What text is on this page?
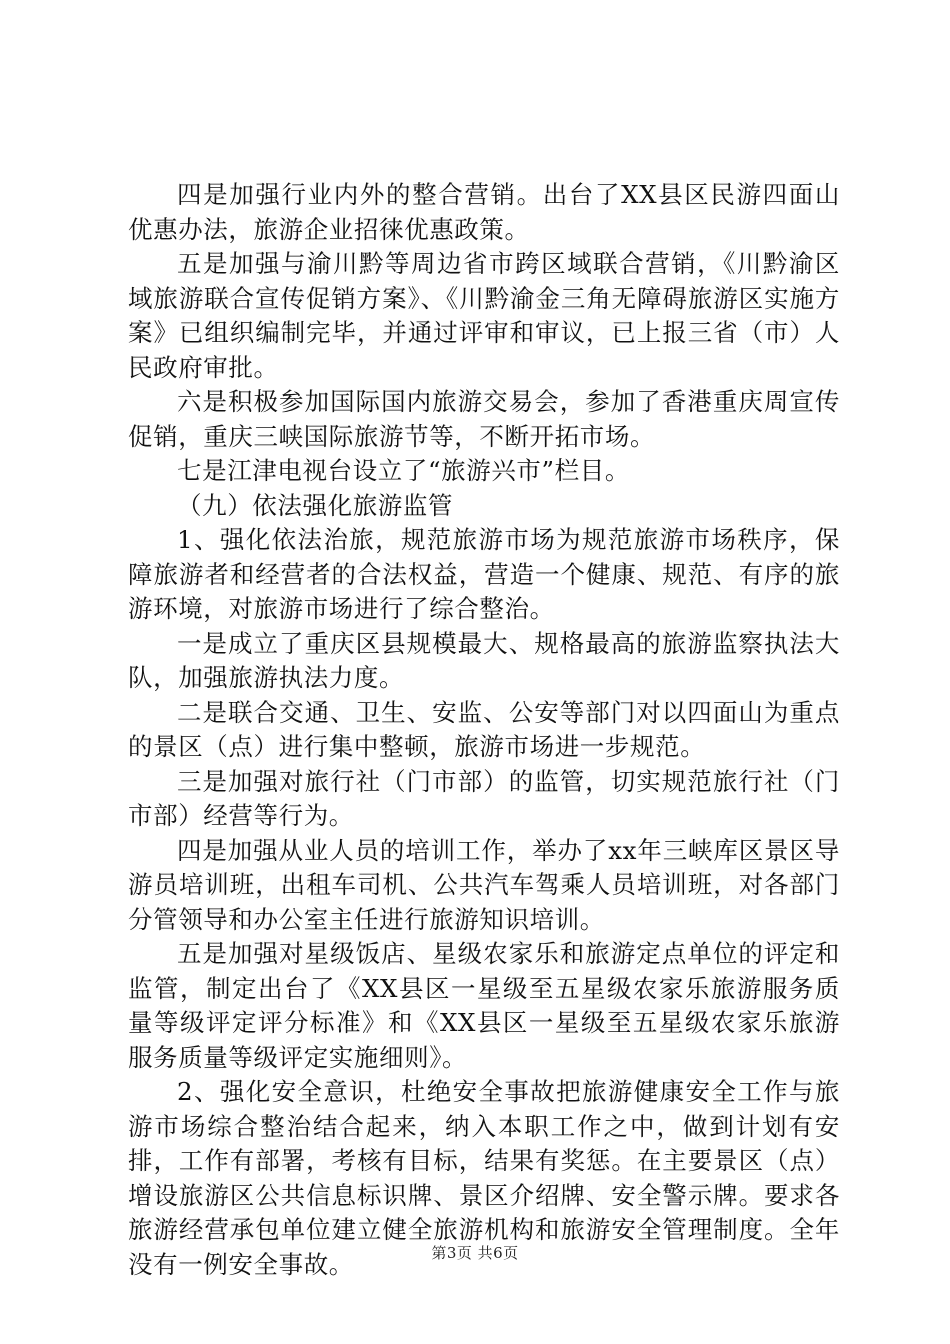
四是加强行业内外的整合营销。出台了XX县区民游四面山优惠办法，旅游企业招徕优惠政策。

五是加强与渝川黔等周边省市跨区域联合营销，《川黔渝区域旅游联合宣传促销方案》、《川黔渝金三角无障碍旅游区实施方案》已组织编制完毕，并通过评审和审议，已上报三省（市）人民政府审批。

六是积极参加国际国内旅游交易会，参加了香港重庆周宣传促销，重庆三峡国际旅游节等，不断开拓市场。

七是江津电视台设立了“旅游兴市”栏目。

（九）依法强化旅游监管

1、强化依法治旅，规范旅游市场为规范旅游市场秩序，保障旅游者和经营者的合法权益，营造一个健康、规范、有序的旅游环境，对旅游市场进行了综合整治。

一是成立了重庆区县规模最大、规格最高的旅游监察执法大队，加强旅游执法力度。

二是联合交通、卫生、安监、公安等部门对以四面山为重点的景区（点）进行集中整顿，旅游市场进一步规范。

三是加强对旅行社（门市部）的监管，切实规范旅行社（门市部）经营等行为。

四是加强从业人员的培训工作，举办了xx年三峡库区景区导游员培训班，出租车司机、公共汽车驾乘人员培训班，对各部门分管领导和办公室主任进行旅游知识培训。

五是加强对星级饭店、星级农家乐和旅游定点单位的评定和监管，制定出台了《XX县区一星级至五星级农家乐旅游服务质量等级评定评分标准》和《XX县区一星级至五星级农家乐旅游服务质量等级评定实施细则》。

2、强化安全意识，杜绝安全事故把旅游健康安全工作与旅游市场综合整治结合起来，纳入本职工作之中，做到计划有安排，工作有部署，考核有目标，结果有奖惩。在主要景区（点）增设旅游区公共信息标识牌、景区介绍牌、安全警示牌。要求各旅游经营承包单位建立健全旅游机构和旅游安全管理制度。全年没有一例安全事故。	第3页 共6页
